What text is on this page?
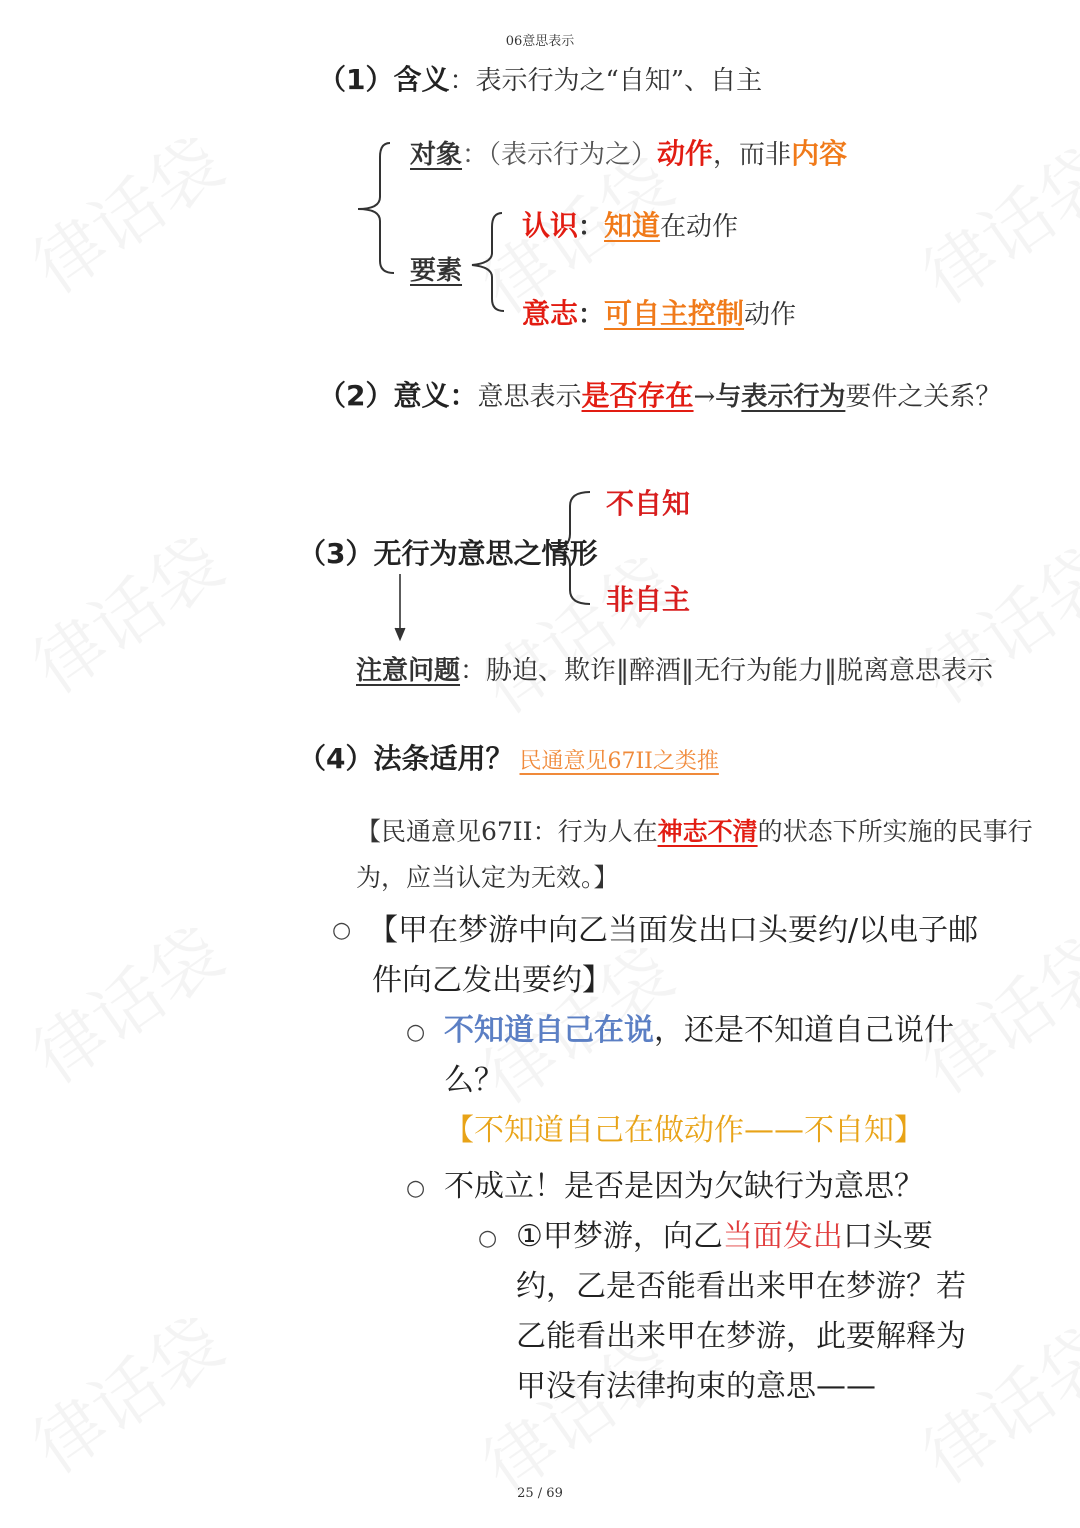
06意思表示
（1）含义：表示行为之“自知”、自主
对象：（表示行为之）动作，而非内容
要素
认识：知道在动作
意志：可自主控制动作
（2）意义：意思表示是否存在→与表示行为要件之关系？
（3）无行为意思之情形
不自知
非自主
注意问题：胁迫、欺诈‖醉酒‖无行为能力‖脱离意思表示
（4）法条适用？ 民通意见67II之类推
【民通意见67II：行为人在神志不清的状态下所实施的民事行
为，应当认定为无效。】
○ 【甲在梦游中向乙当面发出口头要约/以电子邮件向乙发出要约】
○ 不知道自己在说，还是不知道自己说什么？【不知道自己在做动作——不自知】
○ 不成立！是否是因为欠缺行为意思？
○ ①甲梦游，向乙当面发出口头要约，乙是否能看出来甲在梦游？若乙能看出来甲在梦游，此要解释为甲没有法律拘束的意思——
25 / 69
